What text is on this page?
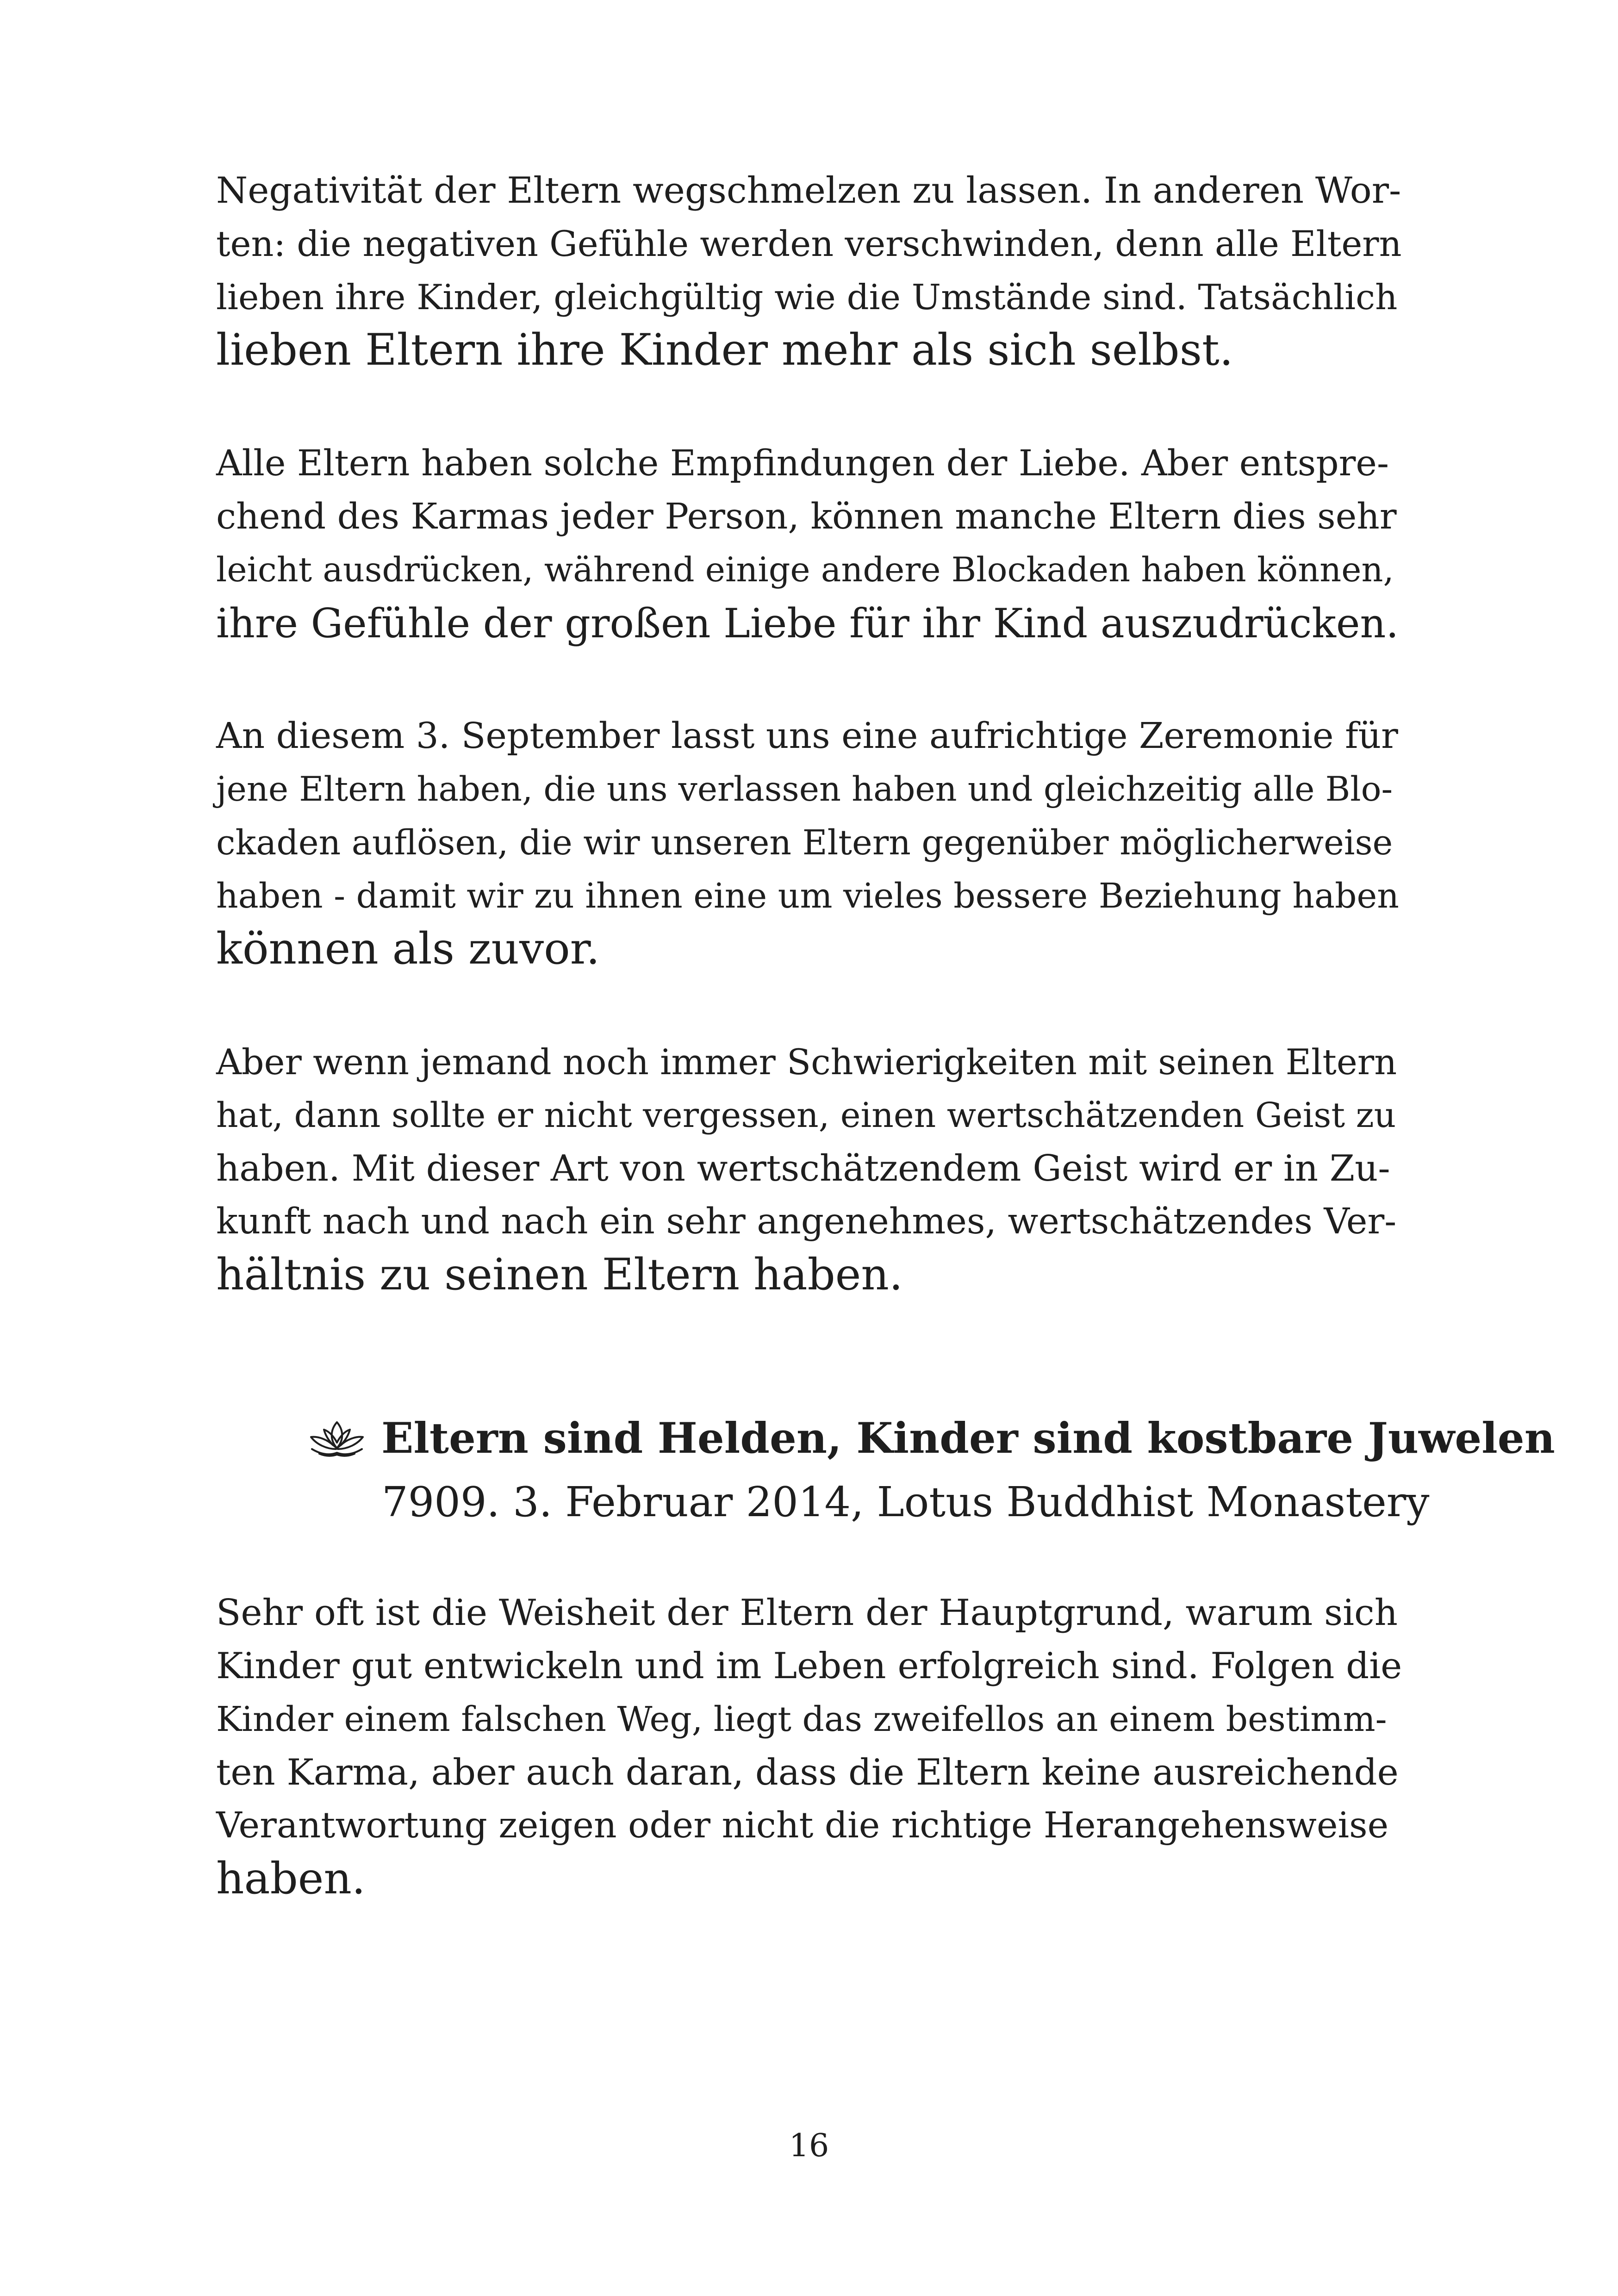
Negativität der Eltern wegschmelzen zu lassen. In anderen Wor-
ten: die negativen Gefühle werden verschwinden, denn alle Eltern
lieben ihre Kinder, gleichgültig wie die Umstände sind. Tatsächlich
lieben Eltern ihre Kinder mehr als sich selbst.
Alle Eltern haben solche Empfindungen der Liebe. Aber entspre-
chend des Karmas jeder Person, können manche Eltern dies sehr
leicht ausdrücken, während einige andere Blockaden haben können,
ihre Gefühle der großen Liebe für ihr Kind auszudrücken.
An diesem 3. September lasst uns eine aufrichtige Zeremonie für
jene Eltern haben, die uns verlassen haben und gleichzeitig alle Blo-
ckaden auflösen, die wir unseren Eltern gegenüber möglicherweise
haben - damit wir zu ihnen eine um vieles bessere Beziehung haben
können als zuvor.
Aber wenn jemand noch immer Schwierigkeiten mit seinen Eltern
hat, dann sollte er nicht vergessen, einen wertschätzenden Geist zu
haben. Mit dieser Art von wertschätzendem Geist wird er in Zu-
kunft nach und nach ein sehr angenehmes, wertschätzendes Ver-
hältnis zu seinen Eltern haben.
Eltern sind Helden, Kinder sind kostbare Juwelen
7909. 3. Februar 2014, Lotus Buddhist Monastery
Sehr oft ist die Weisheit der Eltern der Hauptgrund, warum sich
Kinder gut entwickeln und im Leben erfolgreich sind. Folgen die
Kinder einem falschen Weg, liegt das zweifellos an einem bestimm-
ten Karma, aber auch daran, dass die Eltern keine ausreichende
Verantwortung zeigen oder nicht die richtige Herangehensweise
haben.
16
